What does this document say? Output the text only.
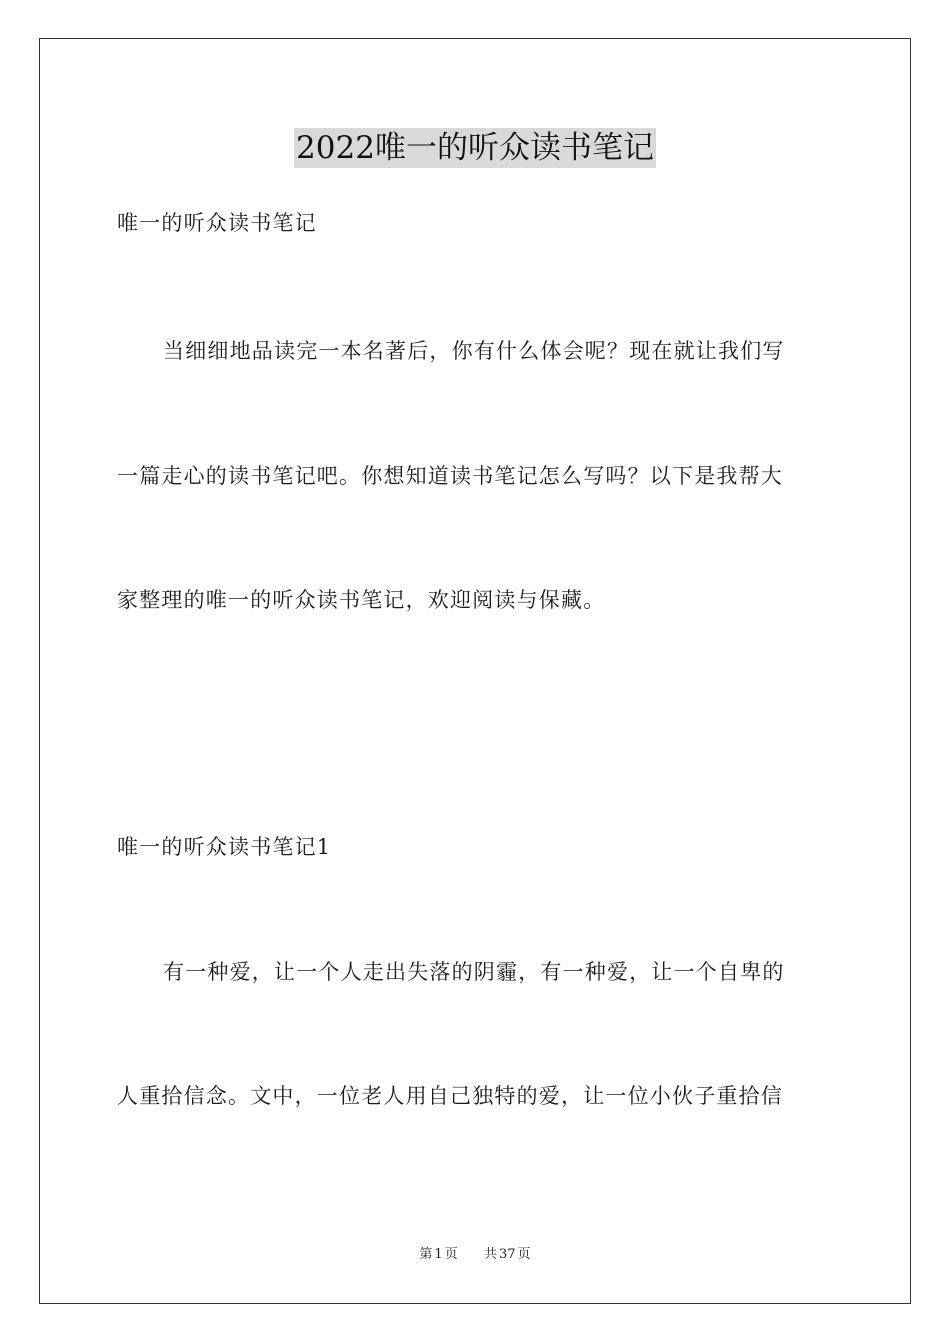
2022唯一的听众读书笔记
唯一的听众读书笔记
当细细地品读完一本名著后，你有什么体会呢？现在就让我们写
一篇走心的读书笔记吧。你想知道读书笔记怎么写吗？以下是我帮大
家整理的唯一的听众读书笔记，欢迎阅读与保藏。
唯一的听众读书笔记1
有一种爱，让一个人走出失落的阴霾，有一种爱，让一个自卑的
人重拾信念。文中，一位老人用自己独特的爱，让一位小伙子重拾信
第 1 页 共 37 页
